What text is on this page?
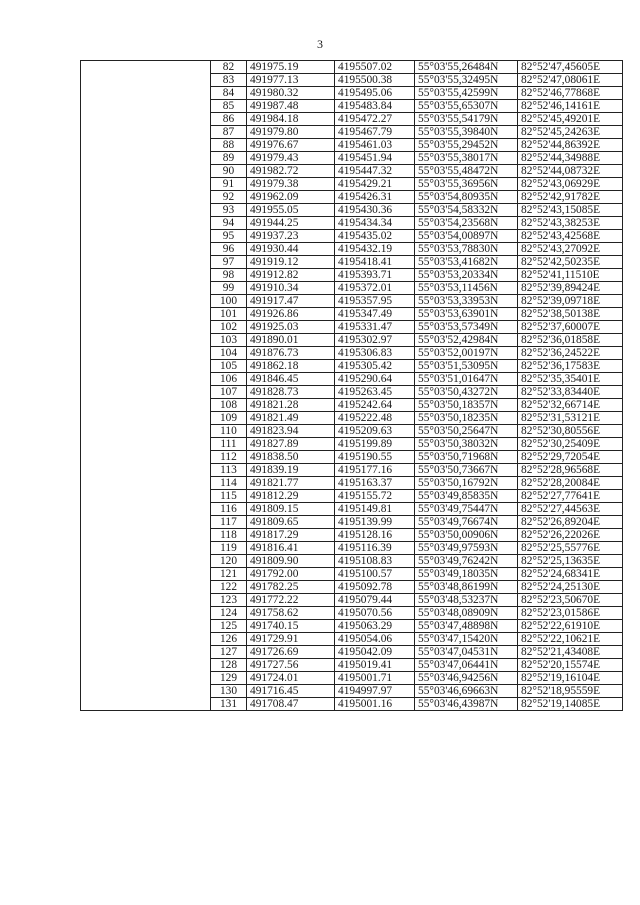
3
	82	491975.19	4195507.02	55°03'55,26484N	82°52'47,45605E
	83	491977.13	4195500.38	55°03'55,32495N	82°52'47,08061E
	84	491980.32	4195495.06	55°03'55,42599N	82°52'46,77868E
	85	491987.48	4195483.84	55°03'55,65307N	82°52'46,14161E
	86	491984.18	4195472.27	55°03'55,54179N	82°52'45,49201E
	87	491979.80	4195467.79	55°03'55,39840N	82°52'45,24263E
	88	491976.67	4195461.03	55°03'55,29452N	82°52'44,86392E
	89	491979.43	4195451.94	55°03'55,38017N	82°52'44,34988E
	90	491982.72	4195447.32	55°03'55,48472N	82°52'44,08732E
	91	491979.38	4195429.21	55°03'55,36956N	82°52'43,06929E
	92	491962.09	4195426.31	55°03'54,80935N	82°52'42,91782E
	93	491955.05	4195430.36	55°03'54,58332N	82°52'43,15085E
	94	491944.25	4195434.34	55°03'54,23568N	82°52'43,38253E
	95	491937.23	4195435.02	55°03'54,00897N	82°52'43,42568E
	96	491930.44	4195432.19	55°03'53,78830N	82°52'43,27092E
	97	491919.12	4195418.41	55°03'53,41682N	82°52'42,50235E
	98	491912.82	4195393.71	55°03'53,20334N	82°52'41,11510E
	99	491910.34	4195372.01	55°03'53,11456N	82°52'39,89424E
	100	491917.47	4195357.95	55°03'53,33953N	82°52'39,09718E
	101	491926.86	4195347.49	55°03'53,63901N	82°52'38,50138E
	102	491925.03	4195331.47	55°03'53,57349N	82°52'37,60007E
	103	491890.01	4195302.97	55°03'52,42984N	82°52'36,01858E
	104	491876.73	4195306.83	55°03'52,00197N	82°52'36,24522E
	105	491862.18	4195305.42	55°03'51,53095N	82°52'36,17583E
	106	491846.45	4195290.64	55°03'51,01647N	82°52'35,35401E
	107	491828.73	4195263.45	55°03'50,43272N	82°52'33,83440E
	108	491821.28	4195242.64	55°03'50,18357N	82°52'32,66714E
	109	491821.49	4195222.48	55°03'50,18235N	82°52'31,53121E
	110	491823.94	4195209.63	55°03'50,25647N	82°52'30,80556E
	111	491827.89	4195199.89	55°03'50,38032N	82°52'30,25409E
	112	491838.50	4195190.55	55°03'50,71968N	82°52'29,72054E
	113	491839.19	4195177.16	55°03'50,73667N	82°52'28,96568E
	114	491821.77	4195163.37	55°03'50,16792N	82°52'28,20084E
	115	491812.29	4195155.72	55°03'49,85835N	82°52'27,77641E
	116	491809.15	4195149.81	55°03'49,75447N	82°52'27,44563E
	117	491809.65	4195139.99	55°03'49,76674N	82°52'26,89204E
	118	491817.29	4195128.16	55°03'50,00906N	82°52'26,22026E
	119	491816.41	4195116.39	55°03'49,97593N	82°52'25,55776E
	120	491809.90	4195108.83	55°03'49,76242N	82°52'25,13635E
	121	491792.00	4195100.57	55°03'49,18035N	82°52'24,68341E
	122	491782.25	4195092.78	55°03'48,86199N	82°52'24,25130E
	123	491772.22	4195079.44	55°03'48,53237N	82°52'23,50670E
	124	491758.62	4195070.56	55°03'48,08909N	82°52'23,01586E
	125	491740.15	4195063.29	55°03'47,48898N	82°52'22,61910E
	126	491729.91	4195054.06	55°03'47,15420N	82°52'22,10621E
	127	491726.69	4195042.09	55°03'47,04531N	82°52'21,43408E
	128	491727.56	4195019.41	55°03'47,06441N	82°52'20,15574E
	129	491724.01	4195001.71	55°03'46,94256N	82°52'19,16104E
	130	491716.45	4194997.97	55°03'46,69663N	82°52'18,95559E
	131	491708.47	4195001.16	55°03'46,43987N	82°52'19,14085E
